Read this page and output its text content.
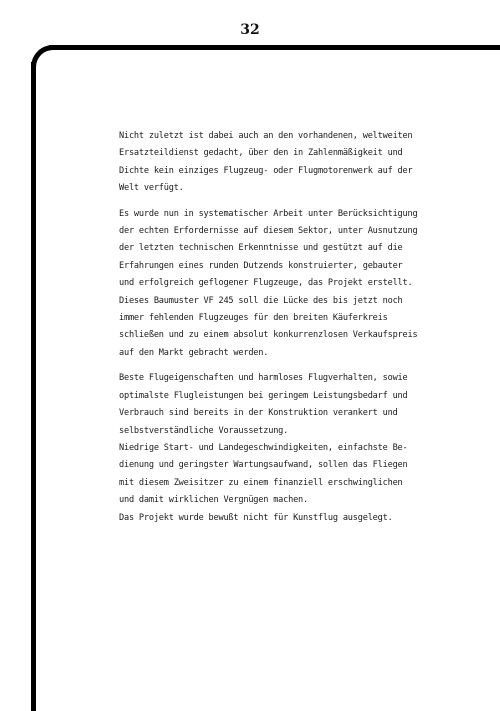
32
Nicht zuletzt ist dabei auch an den vorhandenen, weltweiten
Ersatzteildienst gedacht, über den in Zahlenmäßigkeit und
Dichte kein einziges Flugzeug- oder Flugmotorenwerk auf der
Welt verfügt.
Es wurde nun in systematischer Arbeit unter Berücksichtigung
der echten Erfordernisse auf diesem Sektor, unter Ausnutzung
der letzten technischen Erkenntnisse und gestützt auf die
Erfahrungen eines runden Dutzends konstruierter, gebauter
und erfolgreich geflogener Flugzeuge, das Projekt erstellt.
Dieses Baumuster VF 245 soll die Lücke des bis jetzt noch
immer fehlenden Flugzeuges für den breiten Käuferkreis
schließen und zu einem absolut konkurrenzlosen Verkaufspreis
auf den Markt gebracht werden.
Beste Flugeigenschaften und harmloses Flugverhalten, sowie
optimalste Flugleistungen bei geringem Leistungsbedarf und
Verbrauch sind bereits in der Konstruktion verankert und
selbstverständliche Voraussetzung.
Niedrige Start- und Landegeschwindigkeiten, einfachste Be-
dienung und geringster Wartungsaufwand, sollen das Fliegen
mit diesem Zweisitzer zu einem finanziell erschwinglichen
und damit wirklichen Vergnügen machen.
Das Projekt wurde bewußt nicht für Kunstflug ausgelegt.
